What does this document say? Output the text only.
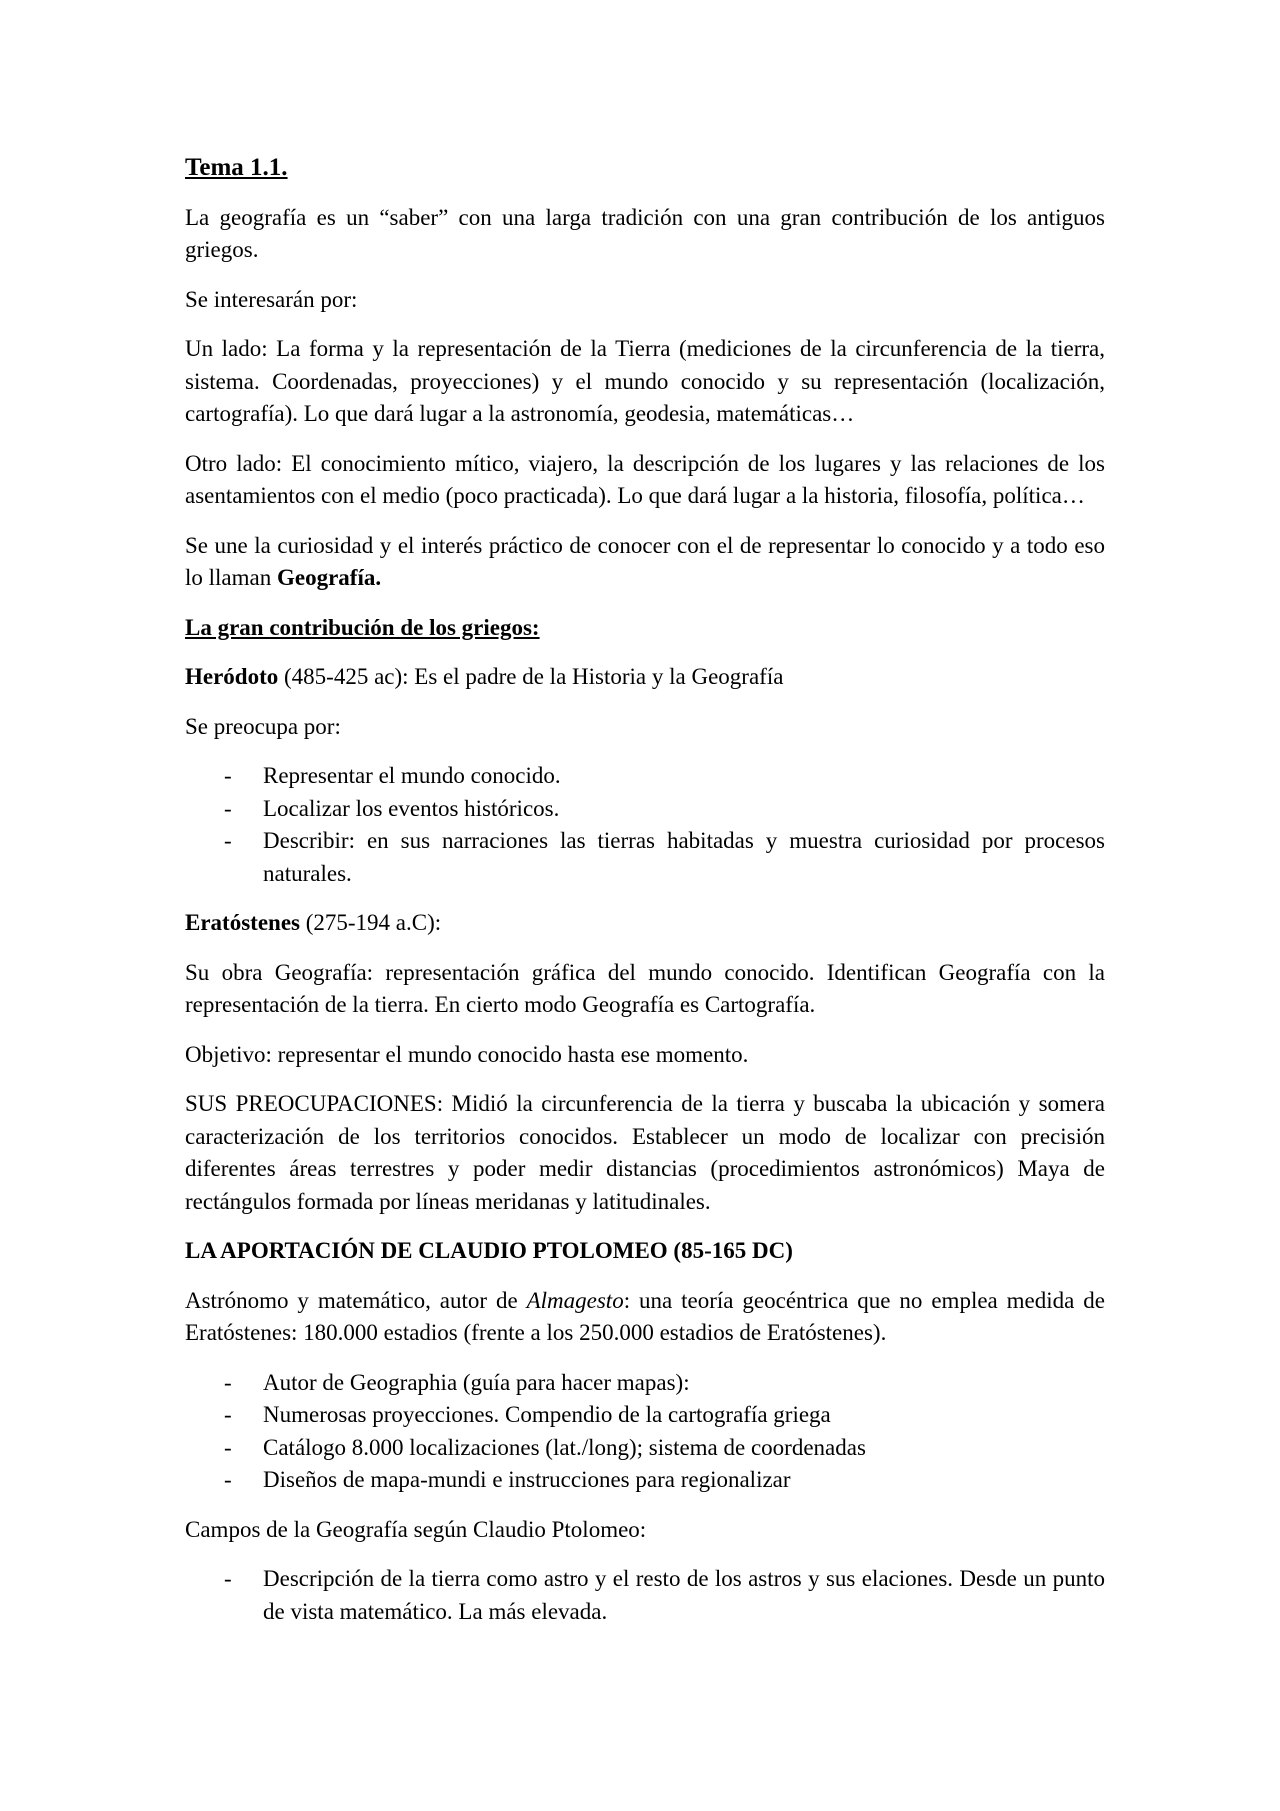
Tema 1.1.

La geografía es un “saber” con una larga tradición con una gran contribución de los antiguos griegos.

Se interesarán por:

Un lado: La forma y la representación de la Tierra (mediciones de la circunferencia de la tierra, sistema. Coordenadas, proyecciones) y el mundo conocido y su representación (localización, cartografía). Lo que dará lugar a la astronomía, geodesia, matemáticas…

Otro lado: El conocimiento mítico, viajero, la descripción de los lugares y las relaciones de los asentamientos con el medio (poco practicada). Lo que dará lugar a la historia, filosofía, política…

Se une la curiosidad y el interés práctico de conocer con el de representar lo conocido y a todo eso lo llaman Geografía.

La gran contribución de los griegos:

Heródoto (485-425 ac): Es el padre de la Historia y la Geografía

Se preocupa por:

- Representar el mundo conocido.
- Localizar los eventos históricos.
- Describir: en sus narraciones las tierras habitadas y muestra curiosidad por procesos naturales.

Eratóstenes (275-194 a.C):

Su obra Geografía: representación gráfica del mundo conocido. Identifican Geografía con la representación de la tierra. En cierto modo Geografía es Cartografía.

Objetivo: representar el mundo conocido hasta ese momento.

SUS PREOCUPACIONES: Midió la circunferencia de la tierra y buscaba la ubicación y somera caracterización de los territorios conocidos. Establecer un modo de localizar con precisión diferentes áreas terrestres y poder medir distancias (procedimientos astronómicos) Maya de rectángulos formada por líneas meridanas y latitudinales.

LA APORTACIÓN DE CLAUDIO PTOLOMEO (85-165 DC)

Astrónomo y matemático, autor de Almagesto: una teoría geocéntrica que no emplea medida de Eratóstenes: 180.000 estadios (frente a los 250.000 estadios de Eratóstenes).

- Autor de Geographia (guía para hacer mapas):
- Numerosas proyecciones. Compendio de la cartografía griega
- Catálogo 8.000 localizaciones (lat./long); sistema de coordenadas
- Diseños de mapa-mundi e instrucciones para regionalizar

Campos de la Geografía según Claudio Ptolomeo:

- Descripción de la tierra como astro y el resto de los astros y sus elaciones. Desde un punto de vista matemático. La más elevada.
